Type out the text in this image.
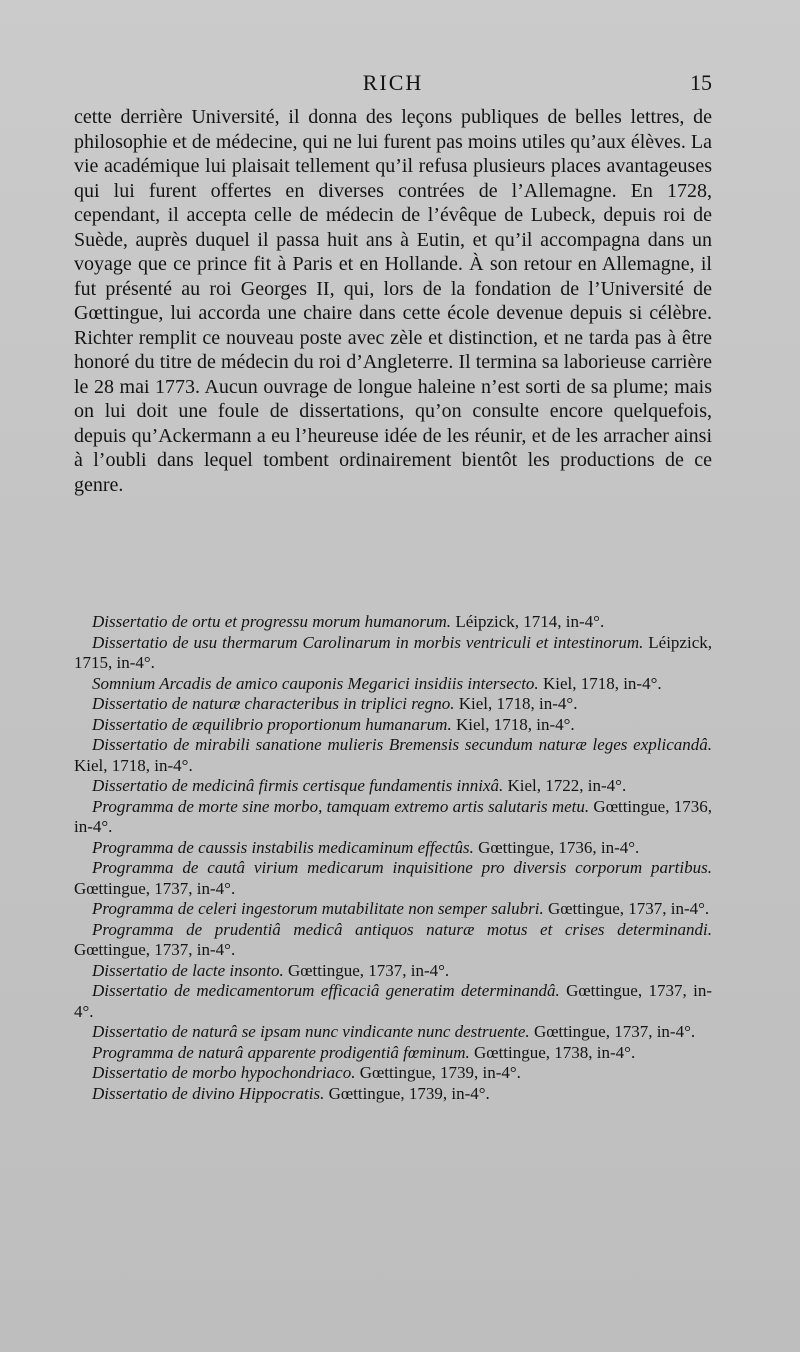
RICH	15

cette derrière Université, il donna des leçons publiques de belles lettres, de philosophie et de médecine, qui ne lui furent pas moins utiles qu’aux élèves. La vie académique lui plaisait tellement qu’il refusa plusieurs places avantageuses qui lui furent offertes en diverses contrées de l’Allemagne. En 1728, cependant, il accepta celle de médecin de l’évêque de Lubeck, depuis roi de Suède, auprès duquel il passa huit ans à Eutin, et qu’il accompagna dans un voyage que ce prince fit à Paris et en Hollande. À son retour en Allemagne, il fut présenté au roi Georges II, qui, lors de la fondation de l’Université de Gœttingue, lui accorda une chaire dans cette école devenue depuis si célèbre. Richter remplit ce nouveau poste avec zèle et distinction, et ne tarda pas à être honoré du titre de médecin du roi d’Angleterre. Il termina sa laborieuse carrière le 28 mai 1773. Aucun ouvrage de longue haleine n’est sorti de sa plume; mais on lui doit une foule de dissertations, qu’on consulte encore quelquefois, depuis qu’Ackermann a eu l’heureuse idée de les réunir, et de les arracher ainsi à l’oubli dans lequel tombent ordinairement bientôt les productions de ce genre.

Dissertatio de ortu et progressu morum humanorum. Léipzick, 1714, in-4°.
Dissertatio de usu thermarum Carolinarum in morbis ventriculi et intestinorum. Léipzick, 1715, in-4°.
Somnium Arcadis de amico cauponis Megarici insidiis intersecto. Kiel, 1718, in-4°.
Dissertatio de naturæ characteribus in triplici regno. Kiel, 1718, in-4°.
Dissertatio de æquilibrio proportionum humanarum. Kiel, 1718, in-4°.
Dissertatio de mirabili sanatione mulieris Bremensis secundum naturæ leges explicandâ. Kiel, 1718, in-4°.
Dissertatio de medicinâ firmis certisque fundamentis innixâ. Kiel, 1722, in-4°.
Programma de morte sine morbo, tamquam extremo artis salutaris metu. Gœttingue, 1736, in-4°.
Programma de caussis instabilis medicaminum effectûs. Gœttingue, 1736, in-4°.
Programma de cautâ virium medicarum inquisitione pro diversis corporum partibus. Gœttingue, 1737, in-4°.
Programma de celeri ingestorum mutabilitate non semper salubri. Gœttingue, 1737, in-4°.
Programma de prudentiâ medicâ antiquos naturæ motus et crises determinandi. Gœttingue, 1737, in-4°.
Dissertatio de lacte insonto. Gœttingue, 1737, in-4°.
Dissertatio de medicamentorum efficaciâ generatim determinandâ. Gœttingue, 1737, in-4°.
Dissertatio de naturâ se ipsam nunc vindicante nunc destruente. Gœttingue, 1737, in-4°.
Programma de naturâ apparente prodigentiâ fœminum. Gœttingue, 1738, in-4°.
Dissertatio de morbo hypochondriaco. Gœttingue, 1739, in-4°.
Dissertatio de divino Hippocratis. Gœttingue, 1739, in-4°.
